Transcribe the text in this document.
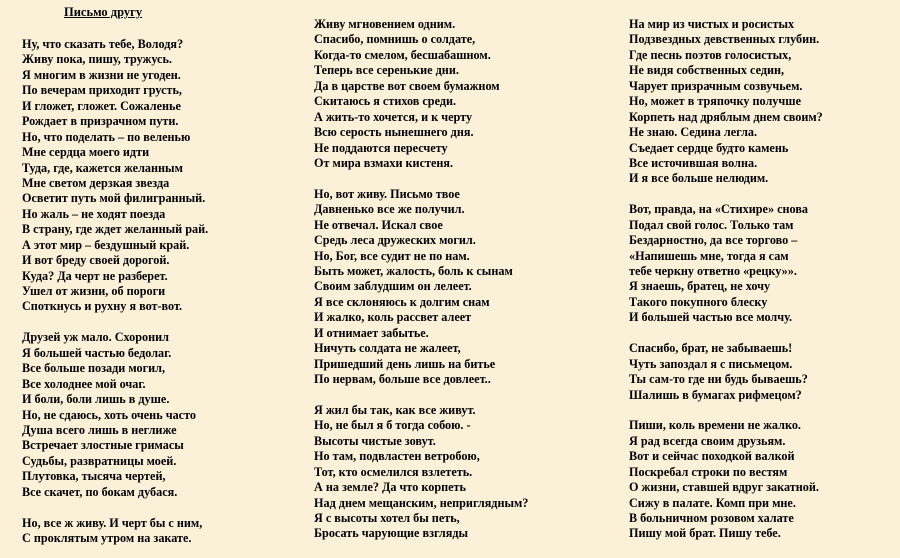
Письмо другу
Ну, что сказать тебе, Володя?
Живу пока, пишу, тружусь.
Я многим в жизни не угоден.
По вечерам приходит грусть,
И гложет, гложет. Сожаленье
Рождает в призрачном пути.
Но, что поделать – по веленью
Мне сердца моего идти
Туда, где, кажется желанным
Мне светом дерзкая звезда
Осветит путь мой филигранный.
Но жаль – не ходят поезда
В страну, где ждет желанный рай.
А этот мир – бездушный край.
И вот бреду своей дорогой.
Куда? Да черт не разберет.
Ушел от жизни, об пороги
Споткнусь и рухну я вот-вот.
Друзей уж мало. Схоронил
Я большей частью бедолаг.
Все больше позади могил,
Все холоднее мой очаг.
И боли, боли лишь в душе.
Но, не сдаюсь, хоть очень часто
Душа всего лишь в неглиже
Встречает злостные гримасы
Судьбы, развратницы моей.
Плутовка, тысяча чертей,
Все скачет, по бокам дубася.
Но, все ж живу. И черт бы с ним,
С проклятым утром на закате.
Живу мгновением одним.
Спасибо, помнишь о солдате,
Когда-то смелом, бесшабашном.
Теперь все серенькие дни.
Да в царстве вот своем бумажном
Скитаюсь я стихов среди.
А жить-то хочется, и к черту
Всю серость нынешнего дня.
Не поддаются пересчету
От мира взмахи кистеня.
Но, вот живу. Письмо твое
Давненько все же получил.
Не отвечал. Искал свое
Средь леса дружеских могил.
Но, Бог, все судит не по нам.
Быть может, жалость, боль к сынам
Своим заблудшим он лелеет.
Я все склоняюсь к долгим снам
И жалко, коль рассвет алеет
И отнимает забытье.
Ничуть солдата не жалеет,
Пришедший день лишь на битье
По нервам, больше все довлеет..
Я жил бы так, как все живут.
Но, не был я б тогда собою. -
Высоты чистые зовут.
Но там, подвластен ветробою,
Тот, кто осмелился взлететь.
А на земле? Да что корпеть
Над днем мещанским, неприглядным?
Я с высоты хотел бы петь,
Бросать чарующие взгляды
На мир из чистых и росистых
Подзвездных девственных глубин.
Где песнь поэтов голосистых,
Не видя собственных седин,
Чарует призрачным созвучьем.
Но, может в тряпочку получше
Корпеть над дряблым днем своим?
Не знаю. Седина легла.
Съедает сердце будто камень
Все источившая волна.
И я все больше нелюдим.
Вот, правда, на «Стихире» снова
Подал свой голос. Только там
Бездарностно, да все торгово –
«Напишешь мне, тогда я сам
тебе черкну ответно «рецку»».
Я знаешь, братец, не хочу
Такого покупного блеску
И большей частью все молчу.
Спасибо, брат, не забываешь!
Чуть запоздал я с письмецом.
Ты сам-то где ни будь бываешь?
Шалишь в бумагах рифмецом?
Пиши, коль времени не жалко.
Я рад всегда своим друзьям.
Вот и сейчас походкой валкой
Поскребал строки по вестям
О жизни, ставшей вдруг закатной.
Сижу в палате. Комп при мне.
В больничном розовом халате
Пишу мой брат. Пишу тебе.
